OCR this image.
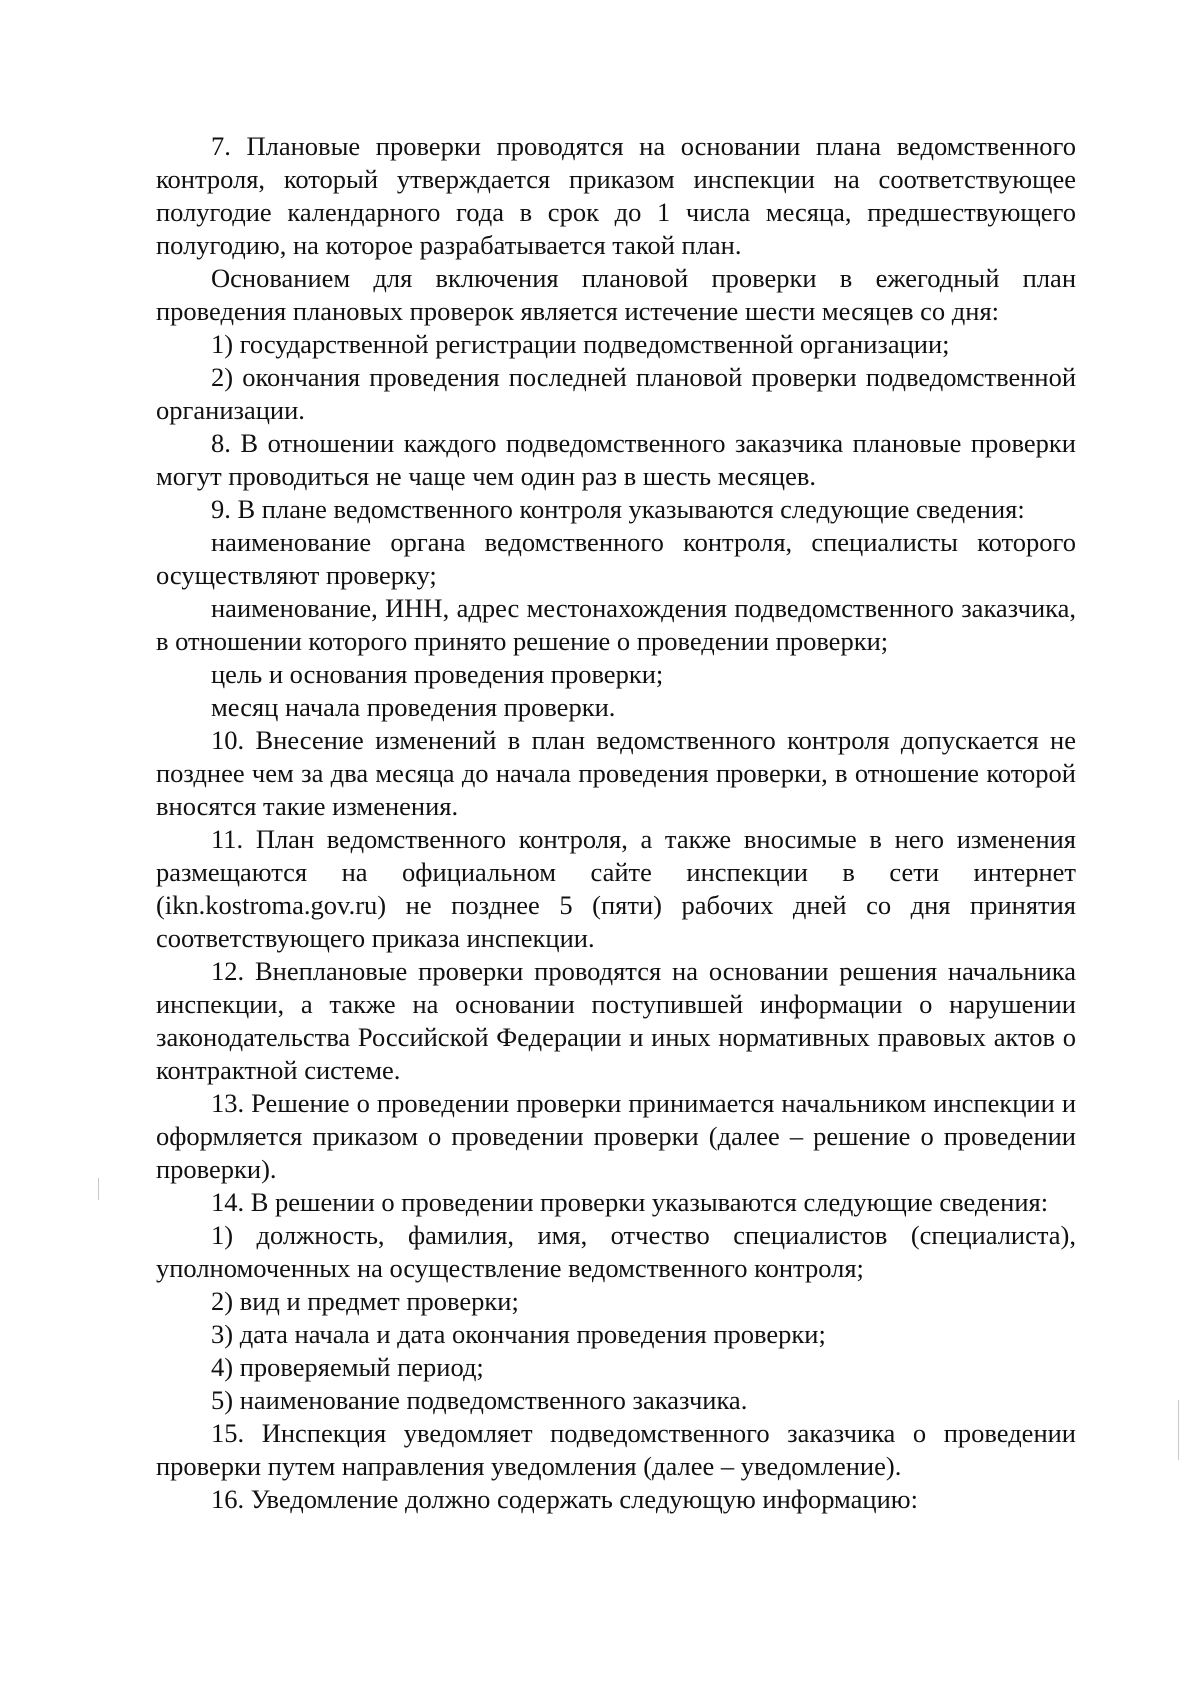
7. Плановые проверки проводятся на основании плана ведомственного контроля, который утверждается приказом инспекции на соответствующее полугодие календарного года в срок до 1 числа месяца, предшествующего полугодию, на которое разрабатывается такой план.

Основанием для включения плановой проверки в ежегодный план проведения плановых проверок является истечение шести месяцев со дня:

1) государственной регистрации подведомственной организации;

2) окончания проведения последней плановой проверки подведомственной организации.

8. В отношении каждого подведомственного заказчика плановые проверки могут проводиться не чаще чем один раз в шесть месяцев.

9. В плане ведомственного контроля указываются следующие сведения:

наименование органа ведомственного контроля, специалисты которого осуществляют проверку;

наименование, ИНН, адрес местонахождения подведомственного заказчика, в отношении которого принято решение о проведении проверки;

цель и основания проведения проверки;

месяц начала проведения проверки.

10. Внесение изменений в план ведомственного контроля допускается не позднее чем за два месяца до начала проведения проверки, в отношение которой вносятся такие изменения.

11. План ведомственного контроля, а также вносимые в него изменения размещаются на официальном сайте инспекции в сети интернет (ikn.kostroma.gov.ru) не позднее 5 (пяти) рабочих дней со дня принятия соответствующего приказа инспекции.

12. Внеплановые проверки проводятся на основании решения начальника инспекции, а также на основании поступившей информации о нарушении законодательства Российской Федерации и иных нормативных правовых актов о контрактной системе.

13. Решение о проведении проверки принимается начальником инспекции и оформляется приказом о проведении проверки (далее – решение о проведении проверки).

14. В решении о проведении проверки указываются следующие сведения:

1) должность, фамилия, имя, отчество специалистов (специалиста), уполномоченных на осуществление ведомственного контроля;

2) вид и предмет проверки;

3) дата начала и дата окончания проведения проверки;

4) проверяемый период;

5) наименование подведомственного заказчика.

15. Инспекция уведомляет подведомственного заказчика о проведении проверки путем направления уведомления (далее – уведомление).

16. Уведомление должно содержать следующую информацию:
